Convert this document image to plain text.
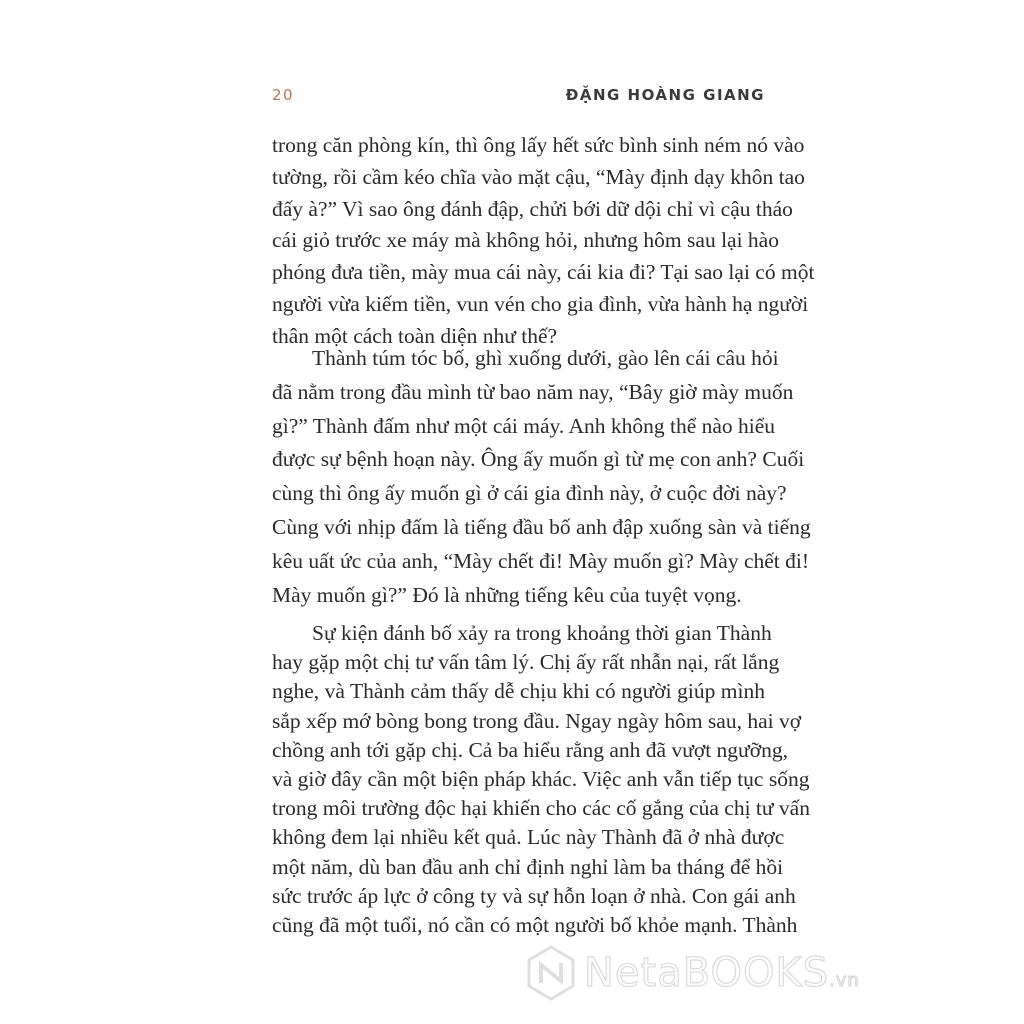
20	ĐẶNG HOÀNG GIANG
trong căn phòng kín, thì ông lấy hết sức bình sinh ném nó vào
tường, rồi cầm kéo chĩa vào mặt cậu, “Mày định dạy khôn tao
đấy à?” Vì sao ông đánh đập, chửi bới dữ dội chỉ vì cậu tháo
cái giỏ trước xe máy mà không hỏi, nhưng hôm sau lại hào
phóng đưa tiền, mày mua cái này, cái kia đi? Tại sao lại có một
người vừa kiếm tiền, vun vén cho gia đình, vừa hành hạ người
thân một cách toàn diện như thế?
Thành túm tóc bố, ghì xuống dưới, gào lên cái câu hỏi
đã nằm trong đầu mình từ bao năm nay, “Bây giờ mày muốn
gì?” Thành đấm như một cái máy. Anh không thể nào hiểu
được sự bệnh hoạn này. Ông ấy muốn gì từ mẹ con anh? Cuối
cùng thì ông ấy muốn gì ở cái gia đình này, ở cuộc đời này?
Cùng với nhịp đấm là tiếng đầu bố anh đập xuống sàn và tiếng
kêu uất ức của anh, “Mày chết đi! Mày muốn gì? Mày chết đi!
Mày muốn gì?” Đó là những tiếng kêu của tuyệt vọng.
Sự kiện đánh bố xảy ra trong khoảng thời gian Thành
hay gặp một chị tư vấn tâm lý. Chị ấy rất nhẫn nại, rất lắng
nghe, và Thành cảm thấy dễ chịu khi có người giúp mình
sắp xếp mớ bòng bong trong đầu. Ngay ngày hôm sau, hai vợ
chồng anh tới gặp chị. Cả ba hiểu rằng anh đã vượt ngưỡng,
và giờ đây cần một biện pháp khác. Việc anh vẫn tiếp tục sống
trong môi trường độc hại khiến cho các cố gắng của chị tư vấn
không đem lại nhiều kết quả. Lúc này Thành đã ở nhà được
một năm, dù ban đầu anh chỉ định nghỉ làm ba tháng để hồi
sức trước áp lực ở công ty và sự hỗn loạn ở nhà. Con gái anh
cũng đã một tuổi, nó cần có một người bố khỏe mạnh. Thành
NetaBOOKS.vn
